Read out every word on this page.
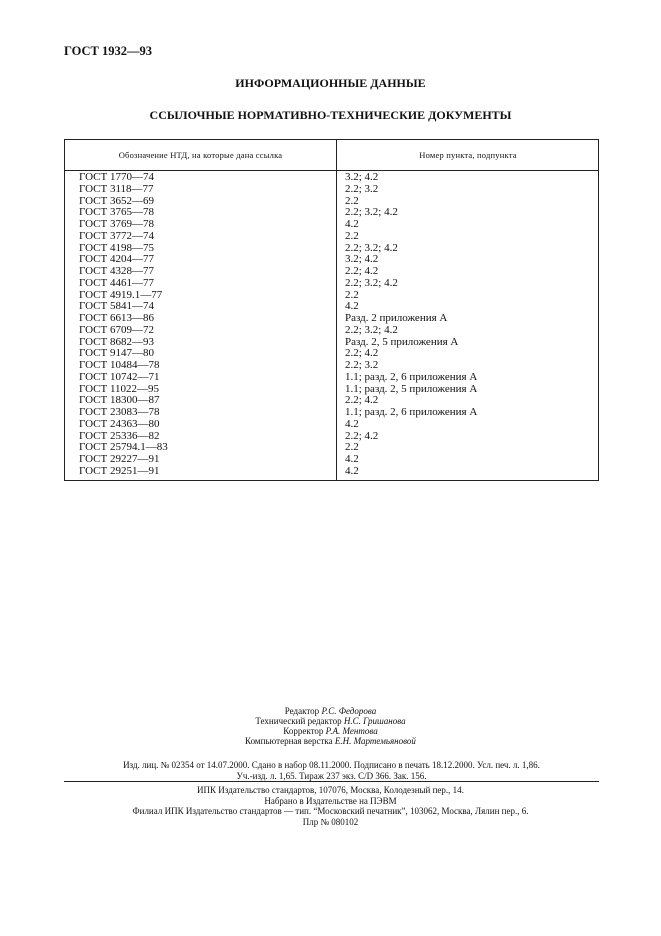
ГОСТ 1932—93
ИНФОРМАЦИОННЫЕ ДАННЫЕ
ССЫЛОЧНЫЕ НОРМАТИВНО-ТЕХНИЧЕСКИЕ ДОКУМЕНТЫ
Обозначение НТД, на которые дана ссылка	Номер пункта, подпункта
ГОСТ 1770—74
ГОСТ 3118—77
ГОСТ 3652—69
ГОСТ 3765—78
ГОСТ 3769—78
ГОСТ 3772—74
ГОСТ 4198—75
ГОСТ 4204—77
ГОСТ 4328—77
ГОСТ 4461—77
ГОСТ 4919.1—77
ГОСТ 5841—74
ГОСТ 6613—86
ГОСТ 6709—72
ГОСТ 8682—93
ГОСТ 9147—80
ГОСТ 10484—78
ГОСТ 10742—71
ГОСТ 11022—95
ГОСТ 18300—87
ГОСТ 23083—78
ГОСТ 24363—80
ГОСТ 25336—82
ГОСТ 25794.1—83
ГОСТ 29227—91
ГОСТ 29251—91
3.2; 4.2
2.2; 3.2
2.2
2.2; 3.2; 4.2
4.2
2.2
2.2; 3.2; 4.2
3.2; 4.2
2.2; 4.2
2.2; 3.2; 4.2
2.2
4.2
Разд. 2 приложения А
2.2; 3.2; 4.2
Разд. 2, 5 приложения А
2.2; 4.2
2.2; 3.2
1.1; разд. 2, 6 приложения А
1.1; разд. 2, 5 приложения А
2.2; 4.2
1.1; разд. 2, 6 приложения А
4.2
2.2; 4.2
2.2
4.2
4.2
Редактор Р.С. Федорова
Технический редактор Н.С. Гришанова
Корректор Р.А. Ментова
Компьютерная верстка Е.Н. Мартемьяновой
Изд. лиц. № 02354 от 14.07.2000. Сдано в набор 08.11.2000. Подписано в печать 18.12.2000. Усл. печ. л. 1,86.
Уч.-изд. л. 1,65. Тираж 237 экз. С/D 366. Зак. 156.
ИПК Издательство стандартов, 107076, Москва, Колодезный пер., 14.
Набрано в Издательстве на ПЭВМ
Филиал ИПК Издательство стандартов — тип. “Московский печатник”, 103062, Москва, Лялин пер., 6.
Плр № 080102
